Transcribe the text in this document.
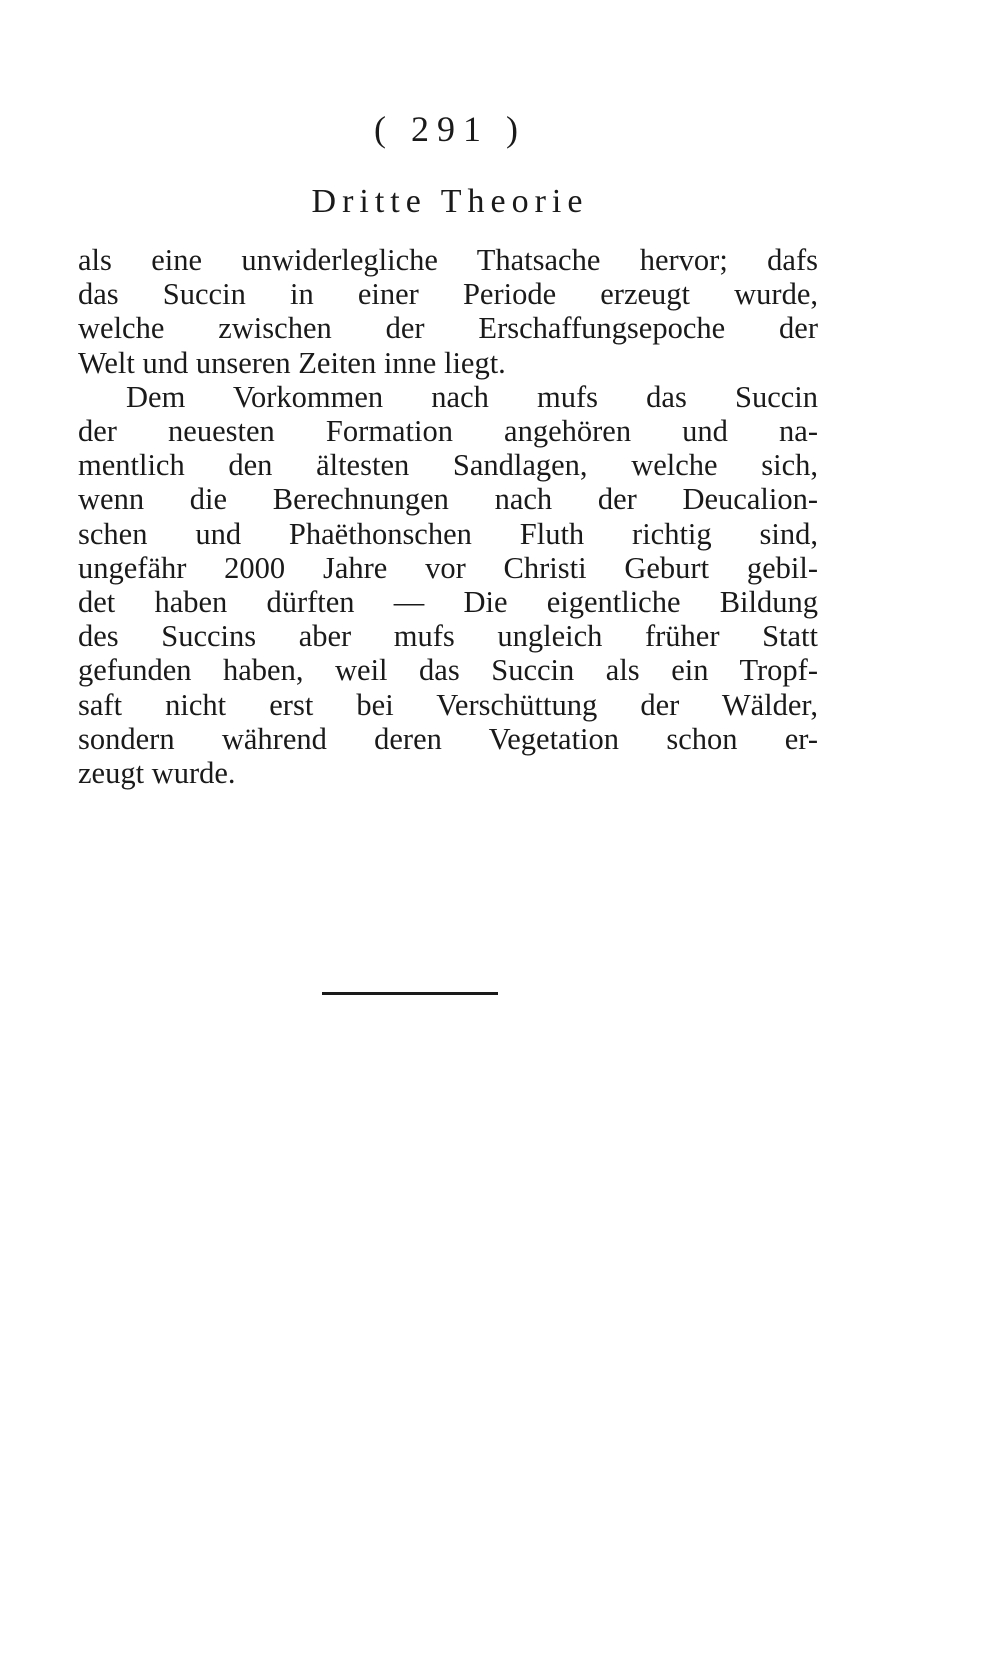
( 291 )
Dritte Theorie
als eine unwiderlegliche Thatsache hervor; dafs
das Succin in einer Periode erzeugt wurde,
welche zwischen der Erschaffungsepoche der
Welt und unseren Zeiten inne liegt.
Dem Vorkommen nach mufs das Succin
der neuesten Formation angehören und na-
mentlich den ältesten Sandlagen, welche sich,
wenn die Berechnungen nach der Deucalion-
schen und Phaëthonschen Fluth richtig sind,
ungefähr 2000 Jahre vor Christi Geburt gebil-
det haben dürften — Die eigentliche Bildung
des Succins aber mufs ungleich früher Statt
gefunden haben, weil das Succin als ein Tropf-
saft nicht erst bei Verschüttung der Wälder,
sondern während deren Vegetation schon er-
zeugt wurde.
